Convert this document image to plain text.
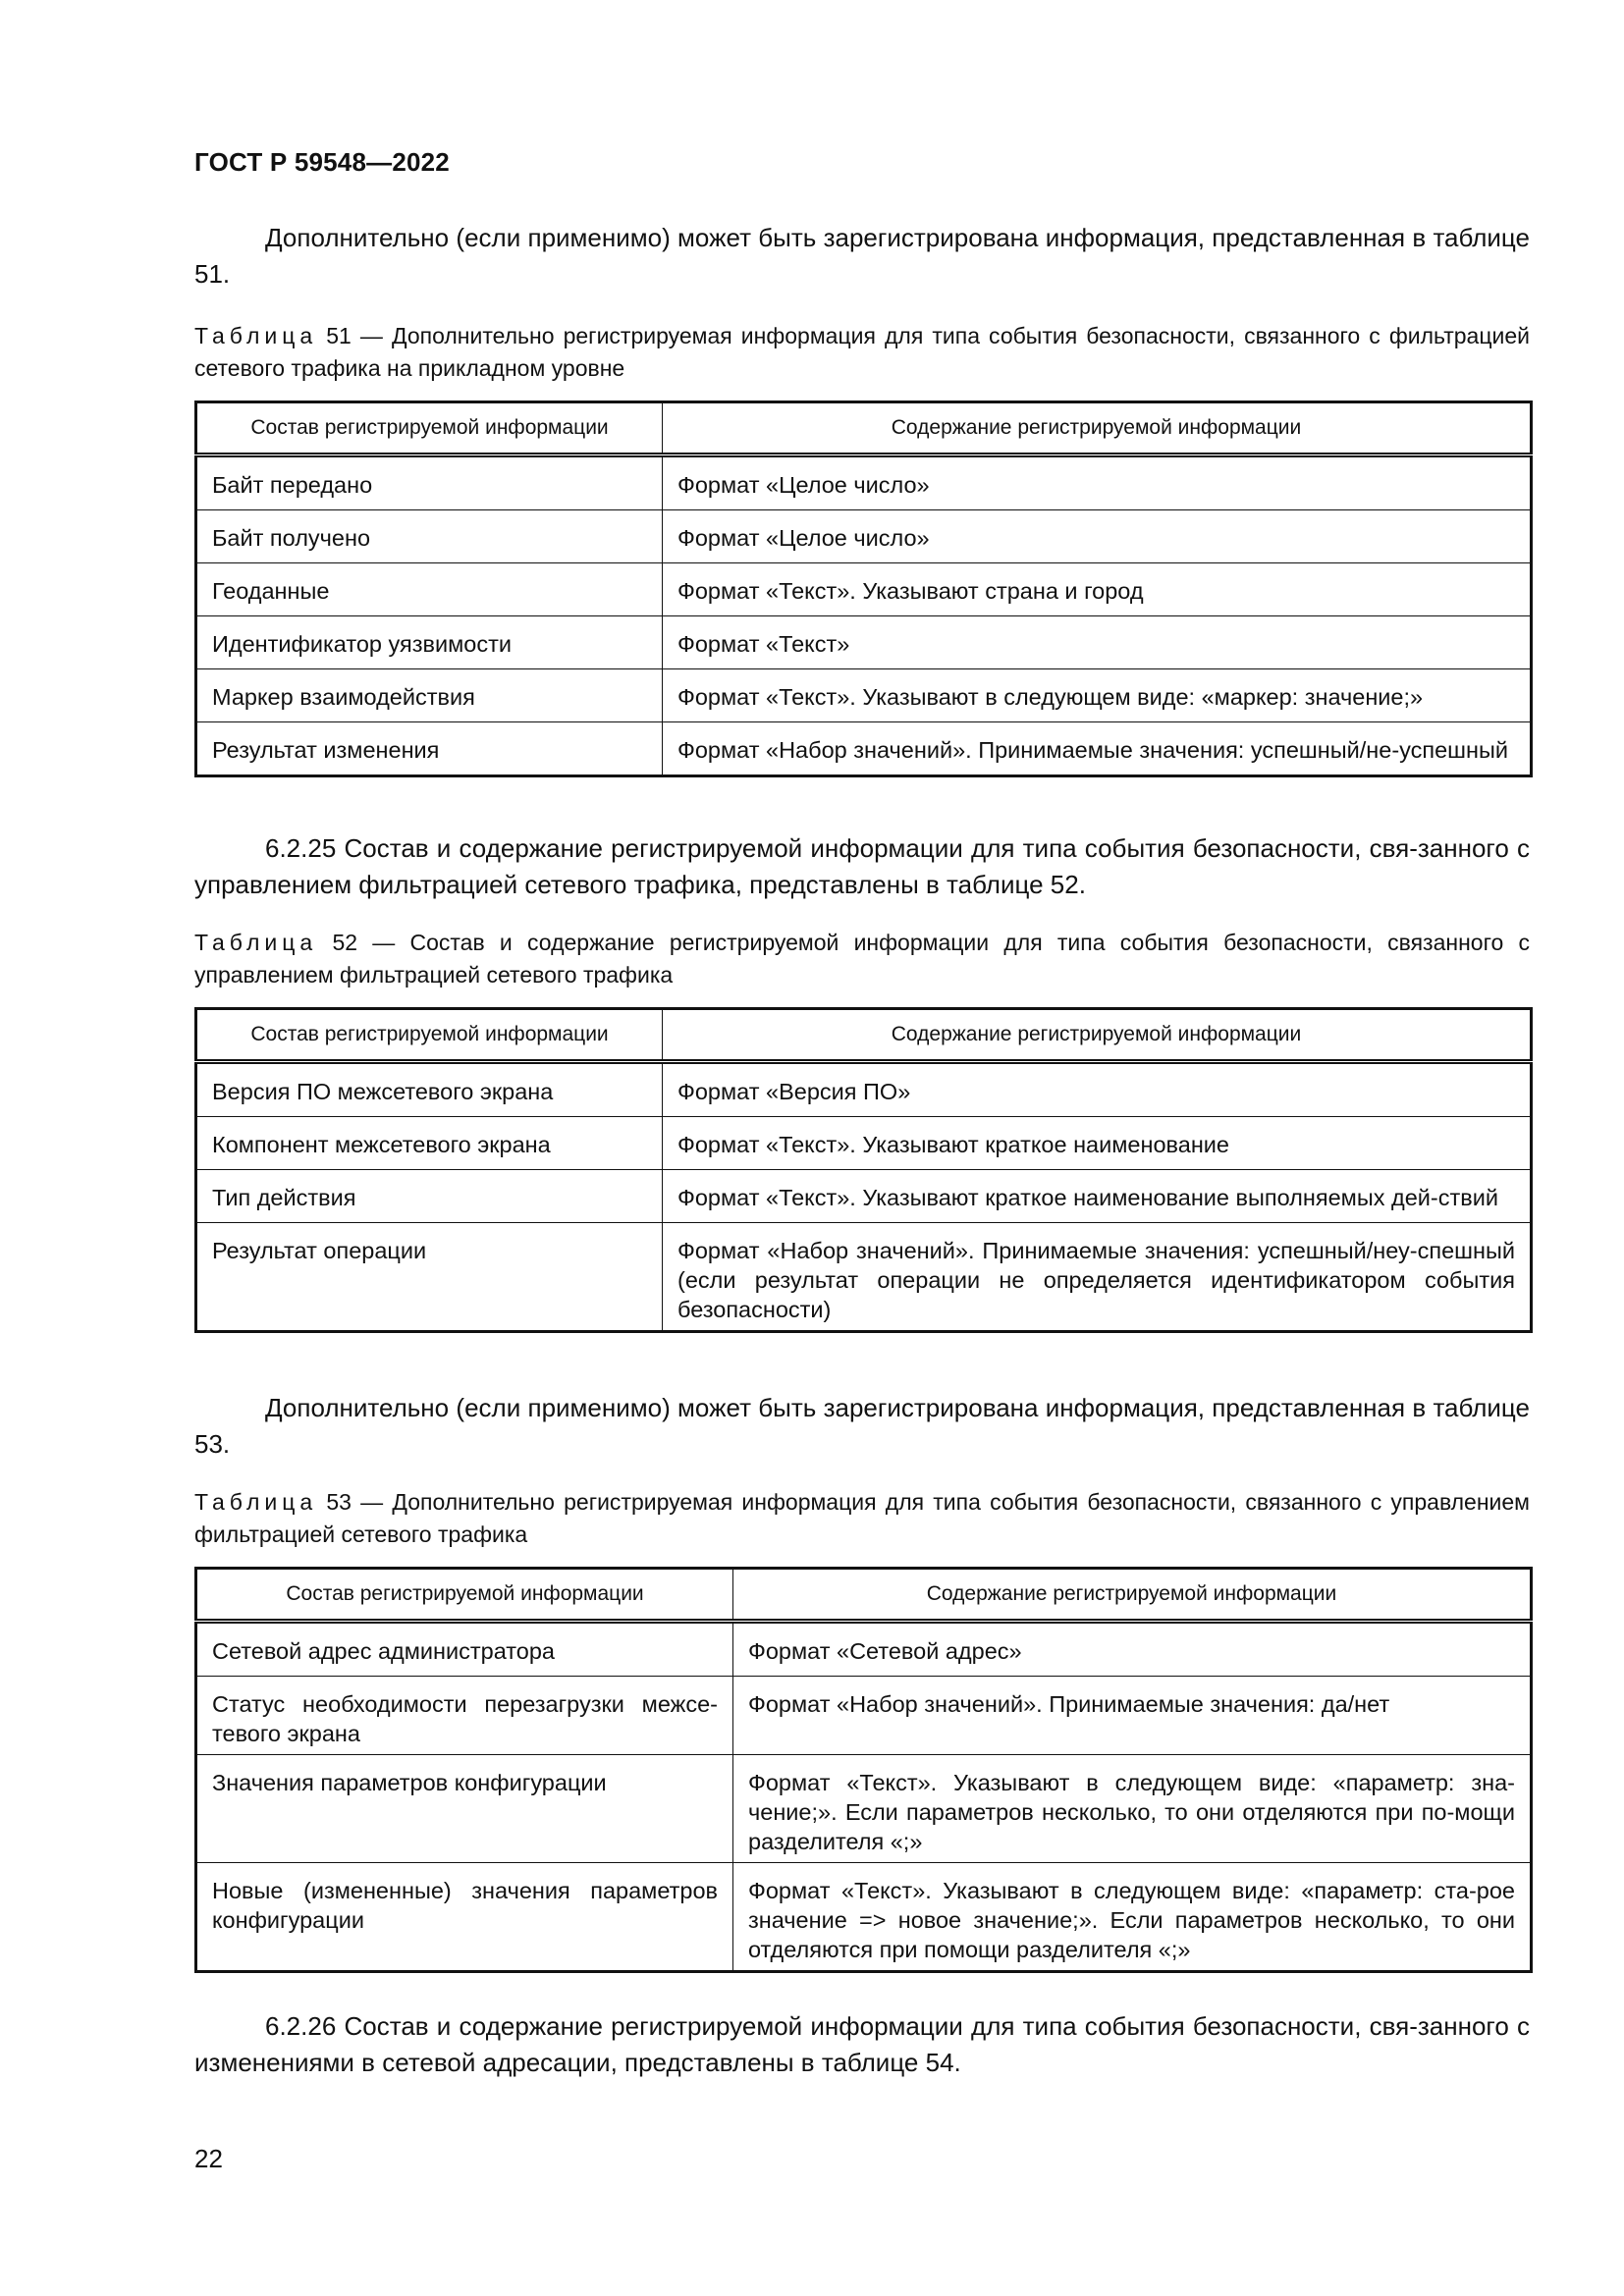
ГОСТ Р 59548—2022

Дополнительно (если применимо) может быть зарегистрирована информация, представленная в таблице 51.

Таблица 51 — Дополнительно регистрируемая информация для типа события безопасности, связанного с фильтрацией сетевого трафика на прикладном уровне
Состав регистрируемой информации	Содержание регистрируемой информации
Байт передано	Формат «Целое число»
Байт получено	Формат «Целое число»
Геоданные	Формат «Текст». Указывают страна и город
Идентификатор уязвимости	Формат «Текст»
Маркер взаимодействия	Формат «Текст». Указывают в следующем виде: «маркер: значение;»
Результат изменения	Формат «Набор значений». Принимаемые значения: успешный/не-успешный

6.2.25 Состав и содержание регистрируемой информации для типа события безопасности, свя-занного с управлением фильтрацией сетевого трафика, представлены в таблице 52.

Таблица 52 — Состав и содержание регистрируемой информации для типа события безопасности, связанного с управлением фильтрацией сетевого трафика
Состав регистрируемой информации	Содержание регистрируемой информации
Версия ПО межсетевого экрана	Формат «Версия ПО»
Компонент межсетевого экрана	Формат «Текст». Указывают краткое наименование
Тип действия	Формат «Текст». Указывают краткое наименование выполняемых дей-ствий
Результат операции	Формат «Набор значений». Принимаемые значения: успешный/неу-спешный (если результат операции не определяется идентификатором события безопасности)

Дополнительно (если применимо) может быть зарегистрирована информация, представленная в таблице 53.

Таблица 53 — Дополнительно регистрируемая информация для типа события безопасности, связанного с управлением фильтрацией сетевого трафика
Состав регистрируемой информации	Содержание регистрируемой информации
Сетевой адрес администратора	Формат «Сетевой адрес»
Статус необходимости перезагрузки межсе-тевого экрана	Формат «Набор значений». Принимаемые значения: да/нет
Значения параметров конфигурации	Формат «Текст». Указывают в следующем виде: «параметр: зна-чение;». Если параметров несколько, то они отделяются при по-мощи разделителя «;»
Новые (измененные) значения параметров конфигурации	Формат «Текст». Указывают в следующем виде: «параметр: ста-рое значение => новое значение;». Если параметров несколько, то они отделяются при помощи разделителя «;»

6.2.26 Состав и содержание регистрируемой информации для типа события безопасности, свя-занного с изменениями в сетевой адресации, представлены в таблице 54.

22
